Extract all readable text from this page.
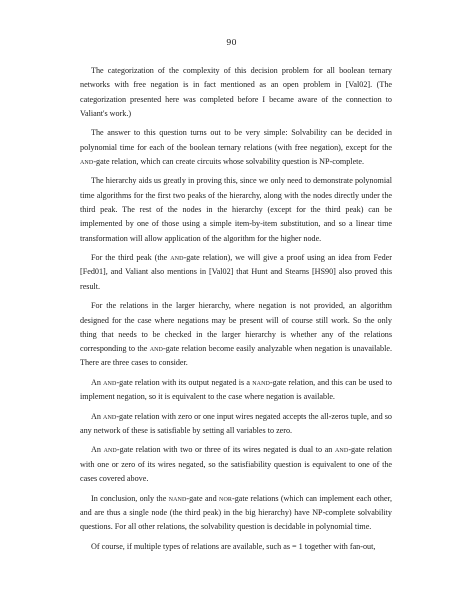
90

The categorization of the complexity of this decision problem for all boolean ternary networks with free negation is in fact mentioned as an open problem in [Val02]. (The categorization presented here was completed before I became aware of the connection to Valiant's work.)

The answer to this question turns out to be very simple: Solvability can be decided in polynomial time for each of the boolean ternary relations (with free negation), except for the and-gate relation, which can create circuits whose solvability question is NP-complete.

The hierarchy aids us greatly in proving this, since we only need to demonstrate polynomial time algorithms for the first two peaks of the hierarchy, along with the nodes directly under the third peak. The rest of the nodes in the hierarchy (except for the third peak) can be implemented by one of those using a simple item-by-item substitution, and so a linear time transformation will allow application of the algorithm for the higher node.

For the third peak (the and-gate relation), we will give a proof using an idea from Feder [Fed01], and Valiant also mentions in [Val02] that Hunt and Stearns [HS90] also proved this result.

For the relations in the larger hierarchy, where negation is not provided, an algorithm designed for the case where negations may be present will of course still work. So the only thing that needs to be checked in the larger hierarchy is whether any of the relations corresponding to the and-gate relation become easily analyzable when negation is unavailable. There are three cases to consider.

An and-gate relation with its output negated is a nand-gate relation, and this can be used to implement negation, so it is equivalent to the case where negation is available.

An and-gate relation with zero or one input wires negated accepts the all-zeros tuple, and so any network of these is satisfiable by setting all variables to zero.

An and-gate relation with two or three of its wires negated is dual to an and-gate relation with one or zero of its wires negated, so the satisfiability question is equivalent to one of the cases covered above.

In conclusion, only the nand-gate and nor-gate relations (which can implement each other, and are thus a single node (the third peak) in the big hierarchy) have NP-complete solvability questions. For all other relations, the solvability question is decidable in polynomial time.

Of course, if multiple types of relations are available, such as = 1 together with fan-out,
